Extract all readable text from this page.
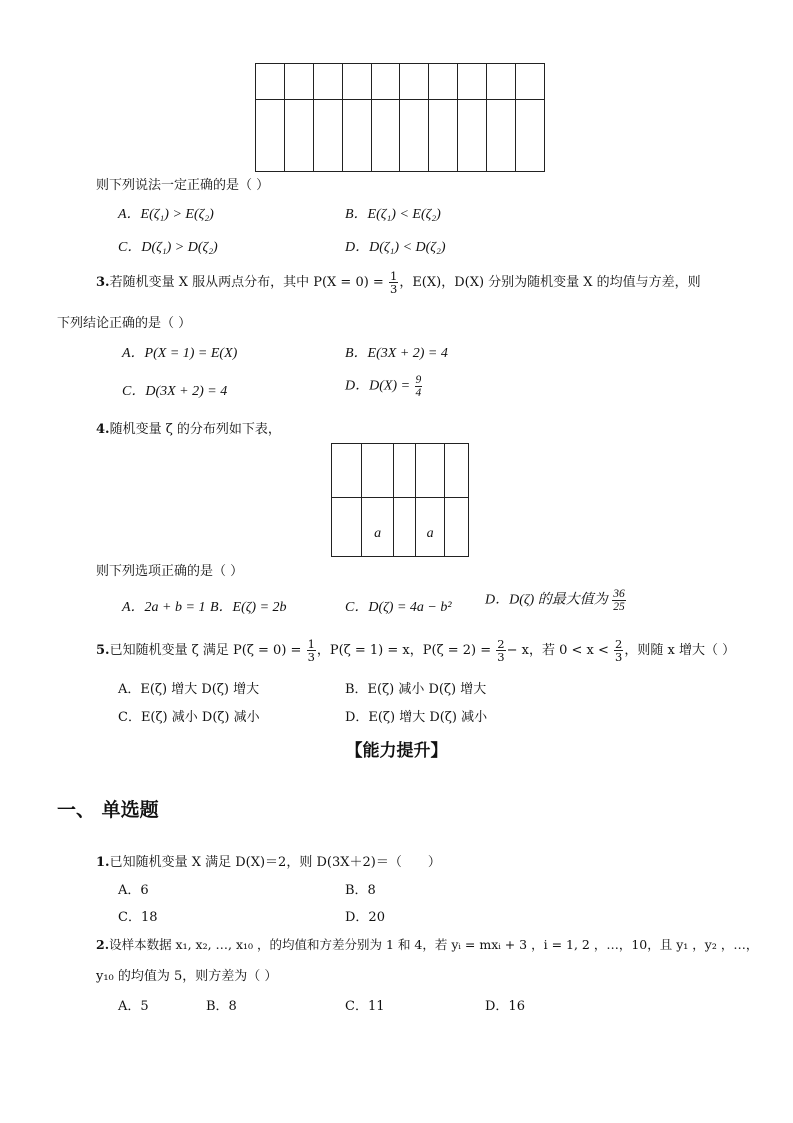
则下列说法一定正确的是（ ）
A．E(ζ₁) > E(ζ₂)	B．E(ζ₁) < E(ζ₂)
C．D(ζ₁) > D(ζ₂)	D．D(ζ₁) < D(ζ₂)
3.若随机变量 X 服从两点分布，其中 $P(X = 0) = \frac{1}{3}$ ，E(X)，D(X) 分别为随机变量 X 的均值与方差，则
下列结论正确的是（ ）
A．P(X = 1) = E(X)	B．E(3X + 2) = 4
C．D(3X + 2) = 4	D．$D(X) = \frac{9}{4}$
4.随机变量 ζ 的分布列如下表，

	a		a	
则下列选项正确的是（ ）
A．2a + b = 1 B．E(ζ) = 2b	C．D(ζ) = 4a − b² D．D(ζ) 的最大值为 $\frac{36}{25}$
5.已知随机变量 ζ 满足 $P(\zeta = 0) = \frac{1}{3}$ ，P(ζ = 1) = x，$P(\zeta = 2) = \frac{2}{3} - x$，若 $0 < x < \frac{2}{3}$ ，则随 x 增大（ ）
A．E(ζ) 增大 D(ζ) 增大	B．E(ζ) 减小 D(ζ) 增大
C．E(ζ) 减小 D(ζ) 减小	D．E(ζ) 增大 D(ζ) 减小
【能力提升】
一、 单选题
1.已知随机变量 X 满足 D(X)＝2，则 D(3X＋2)＝（　　）
A．6	B．8
C．18	D．20
2.设样本数据 x₁, x₂, …, x₁₀ ，的均值和方差分别为 1 和 4，若 yᵢ = mxᵢ + 3 ，i = 1, 2 ，…，10，且 y₁ ，y₂ ，…，
y₁₀ 的均值为 5，则方差为（ ）
A．5	B．8	C．11	D．16
